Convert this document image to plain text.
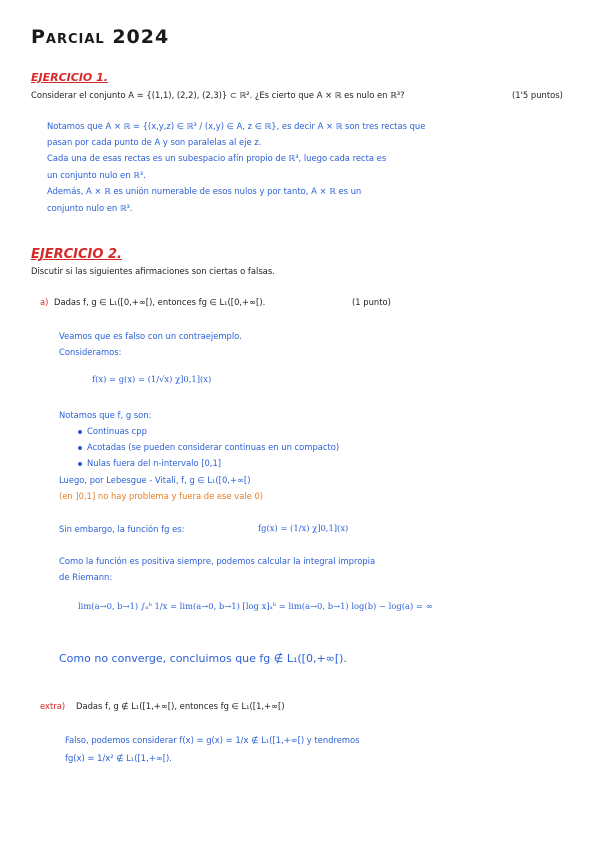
Parcial 2024
EJERCICIO 1.
Considerar el conjunto A = {(1,1), (2,2), (2,3)} ⊂ ℝ². ¿Es cierto que A × ℝ es nulo en ℝ³?	(1'5 puntos)
Notamos que A × ℝ = {(x,y,z) ∈ ℝ³ / (x,y) ∈ A, z ∈ ℝ}, es decir A × ℝ son tres rectas que
pasan por cada punto de A y son paralelas al eje z.
Cada una de esas rectas es un subespacio afín propio de ℝ³, luego cada recta es
un conjunto nulo en ℝ³.
Además, A × ℝ es unión numerable de esos nulos y por tanto, A × ℝ es un
conjunto nulo en ℝ³.
EJERCICIO 2.
Discutir si las siguientes afirmaciones son ciertas o falsas.
a) Dadas f, g ∈ L₁([0,+∞[), entonces fg ∈ L₁([0,+∞[).	(1 punto)
Veamos que es falso con un contraejemplo.
Consideramos:
f(x) = g(x) = (1/√x) χ]0,1](x)
Notamos que f, g son:
Continuas cpp
Acotadas (se pueden considerar continuas en un compacto)
Nulas fuera del n-intervalo [0,1]
Luego, por Lebesgue - Vitali, f, g ∈ L₁([0,+∞[)
(en ]0,1] no hay problema y fuera de ese vale 0)
Sin embargo, la función fg es:	fg(x) = (1/x) χ]0,1](x)
Como la función es positiva siempre, podemos calcular la integral impropia
de Riemann:
lim(a→0, b→1) ∫ₐᵇ 1/x = lim(a→0, b→1) [log x]ₐᵇ = lim(a→0, b→1) log(b) − log(a) = ∞
Como no converge, concluimos que fg ∉ L₁([0,+∞[).
extra) Dadas f, g ∉ L₁([1,+∞[), entonces fg ∈ L₁([1,+∞[)
Falso, podemos considerar f(x) = g(x) = 1/x ∉ L₁([1,+∞[) y tendremos
fg(x) = 1/x² ∉ L₁([1,+∞[).
